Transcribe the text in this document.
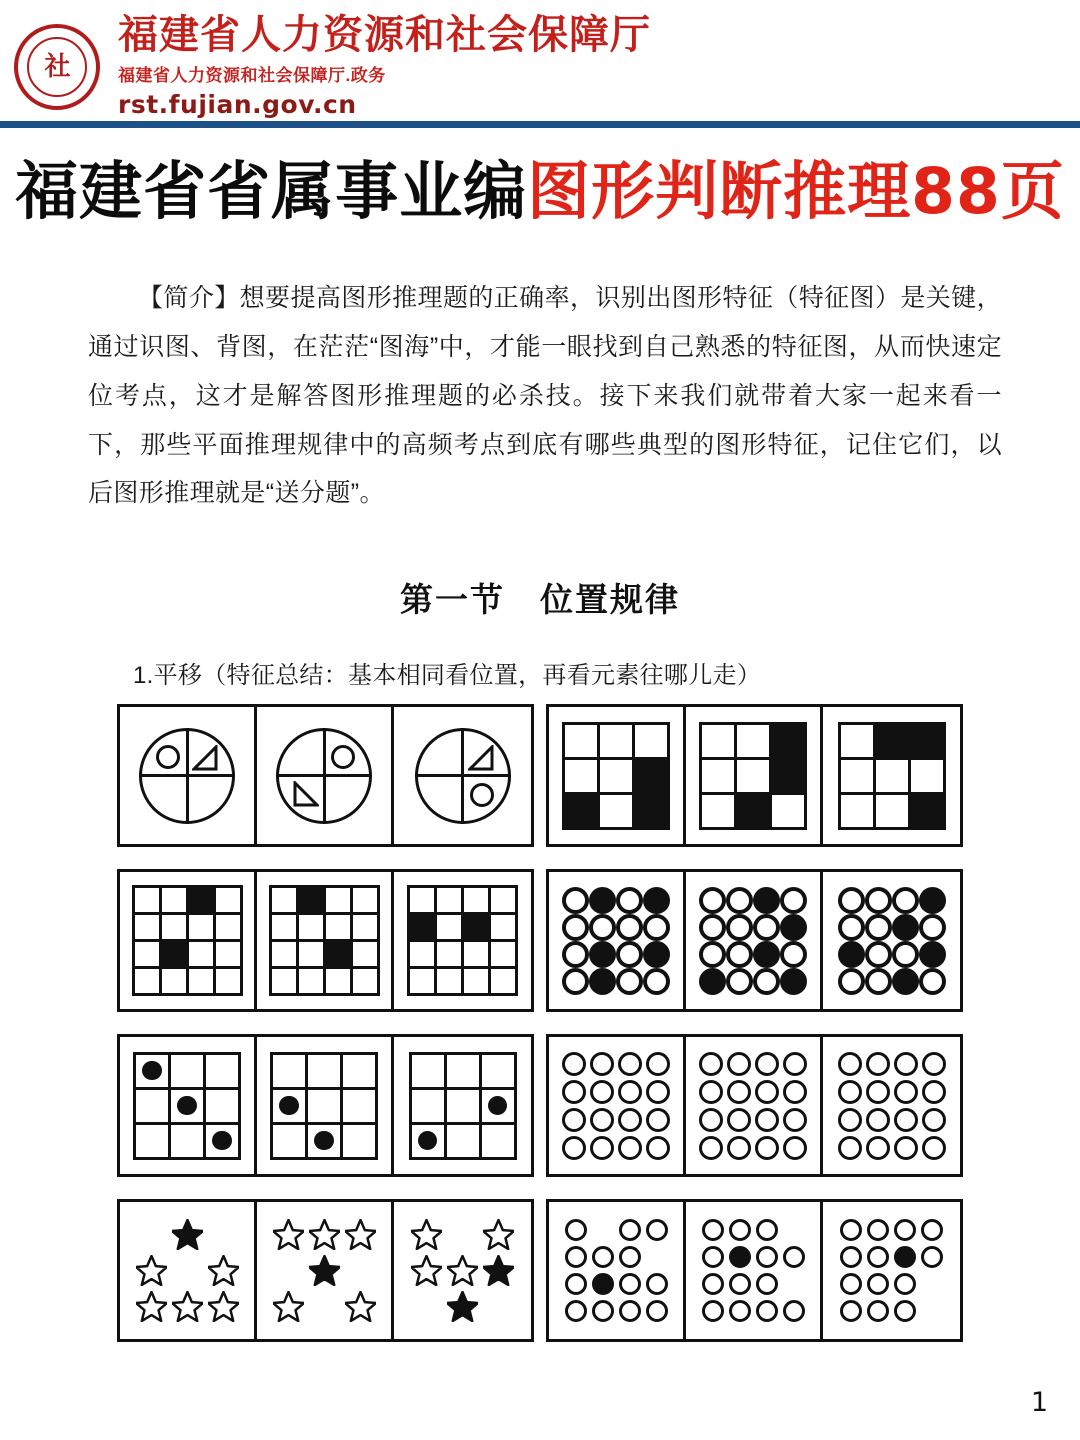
社
福建省人力资源和社会保障厅
福建省人力资源和社会保障厅.政务
rst.fujian.gov.cn
福建省省属事业编图形判断推理88页
【简介】想要提高图形推理题的正确率，识别出图形特征（特征图）是关键，通过识图、背图，在茫茫“图海”中，才能一眼找到自己熟悉的特征图，从而快速定位考点，这才是解答图形推理题的必杀技。接下来我们就带着大家一起来看一下，那些平面推理规律中的高频考点到底有哪些典型的图形特征，记住它们，以后图形推理就是“送分题”。
第一节　位置规律
1.平移（特征总结：基本相同看位置，再看元素往哪儿走）
1
